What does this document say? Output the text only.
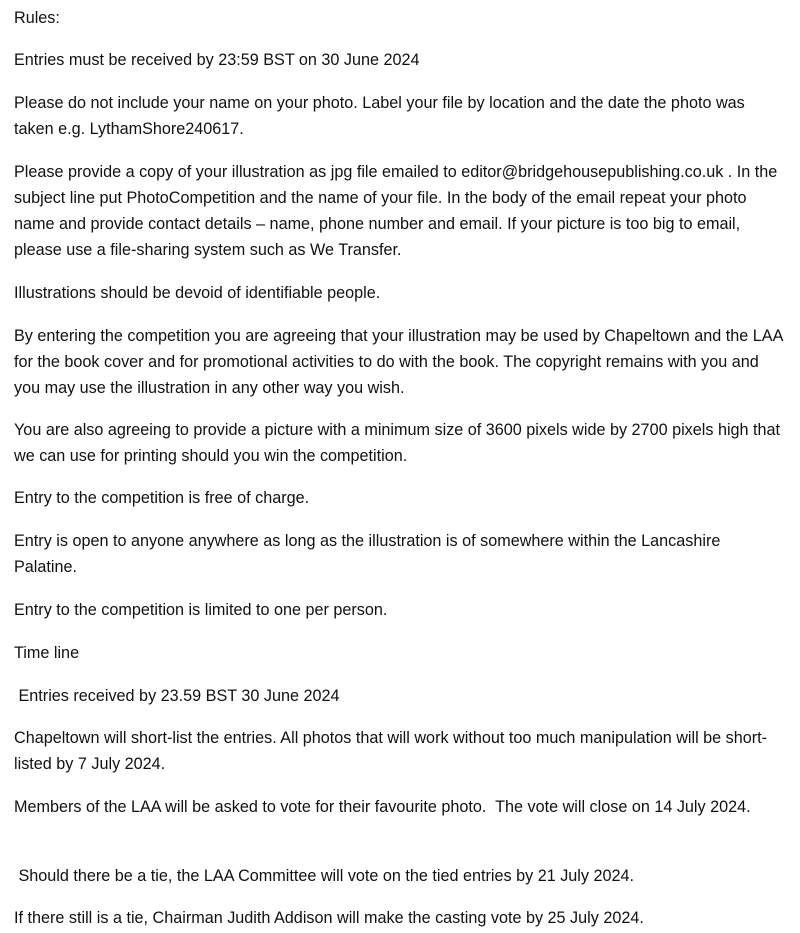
Rules:

Entries must be received by 23:59 BST on 30 June 2024

Please do not include your name on your photo. Label your file by location and the date the photo was taken e.g. LythamShore240617.

Please provide a copy of your illustration as jpg file emailed to editor@bridgehousepublishing.co.uk . In the subject line put PhotoCompetition and the name of your file. In the body of the email repeat your photo name and provide contact details – name, phone number and email. If your picture is too big to email, please use a file-sharing system such as We Transfer.

Illustrations should be devoid of identifiable people.

By entering the competition you are agreeing that your illustration may be used by Chapeltown and the LAA for the book cover and for promotional activities to do with the book. The copyright remains with you and you may use the illustration in any other way you wish.

You are also agreeing to provide a picture with a minimum size of 3600 pixels wide by 2700 pixels high that we can use for printing should you win the competition.

Entry to the competition is free of charge.

Entry is open to anyone anywhere as long as the illustration is of somewhere within the Lancashire Palatine.

Entry to the competition is limited to one per person.

Time line

Entries received by 23.59 BST 30 June 2024

Chapeltown will short-list the entries. All photos that will work without too much manipulation will be short-listed by 7 July 2024.

Members of the LAA will be asked to vote for their favourite photo.  The vote will close on 14 July 2024.

Should there be a tie, the LAA Committee will vote on the tied entries by 21 July 2024.

If there still is a tie, Chairman Judith Addison will make the casting vote by 25 July 2024.
